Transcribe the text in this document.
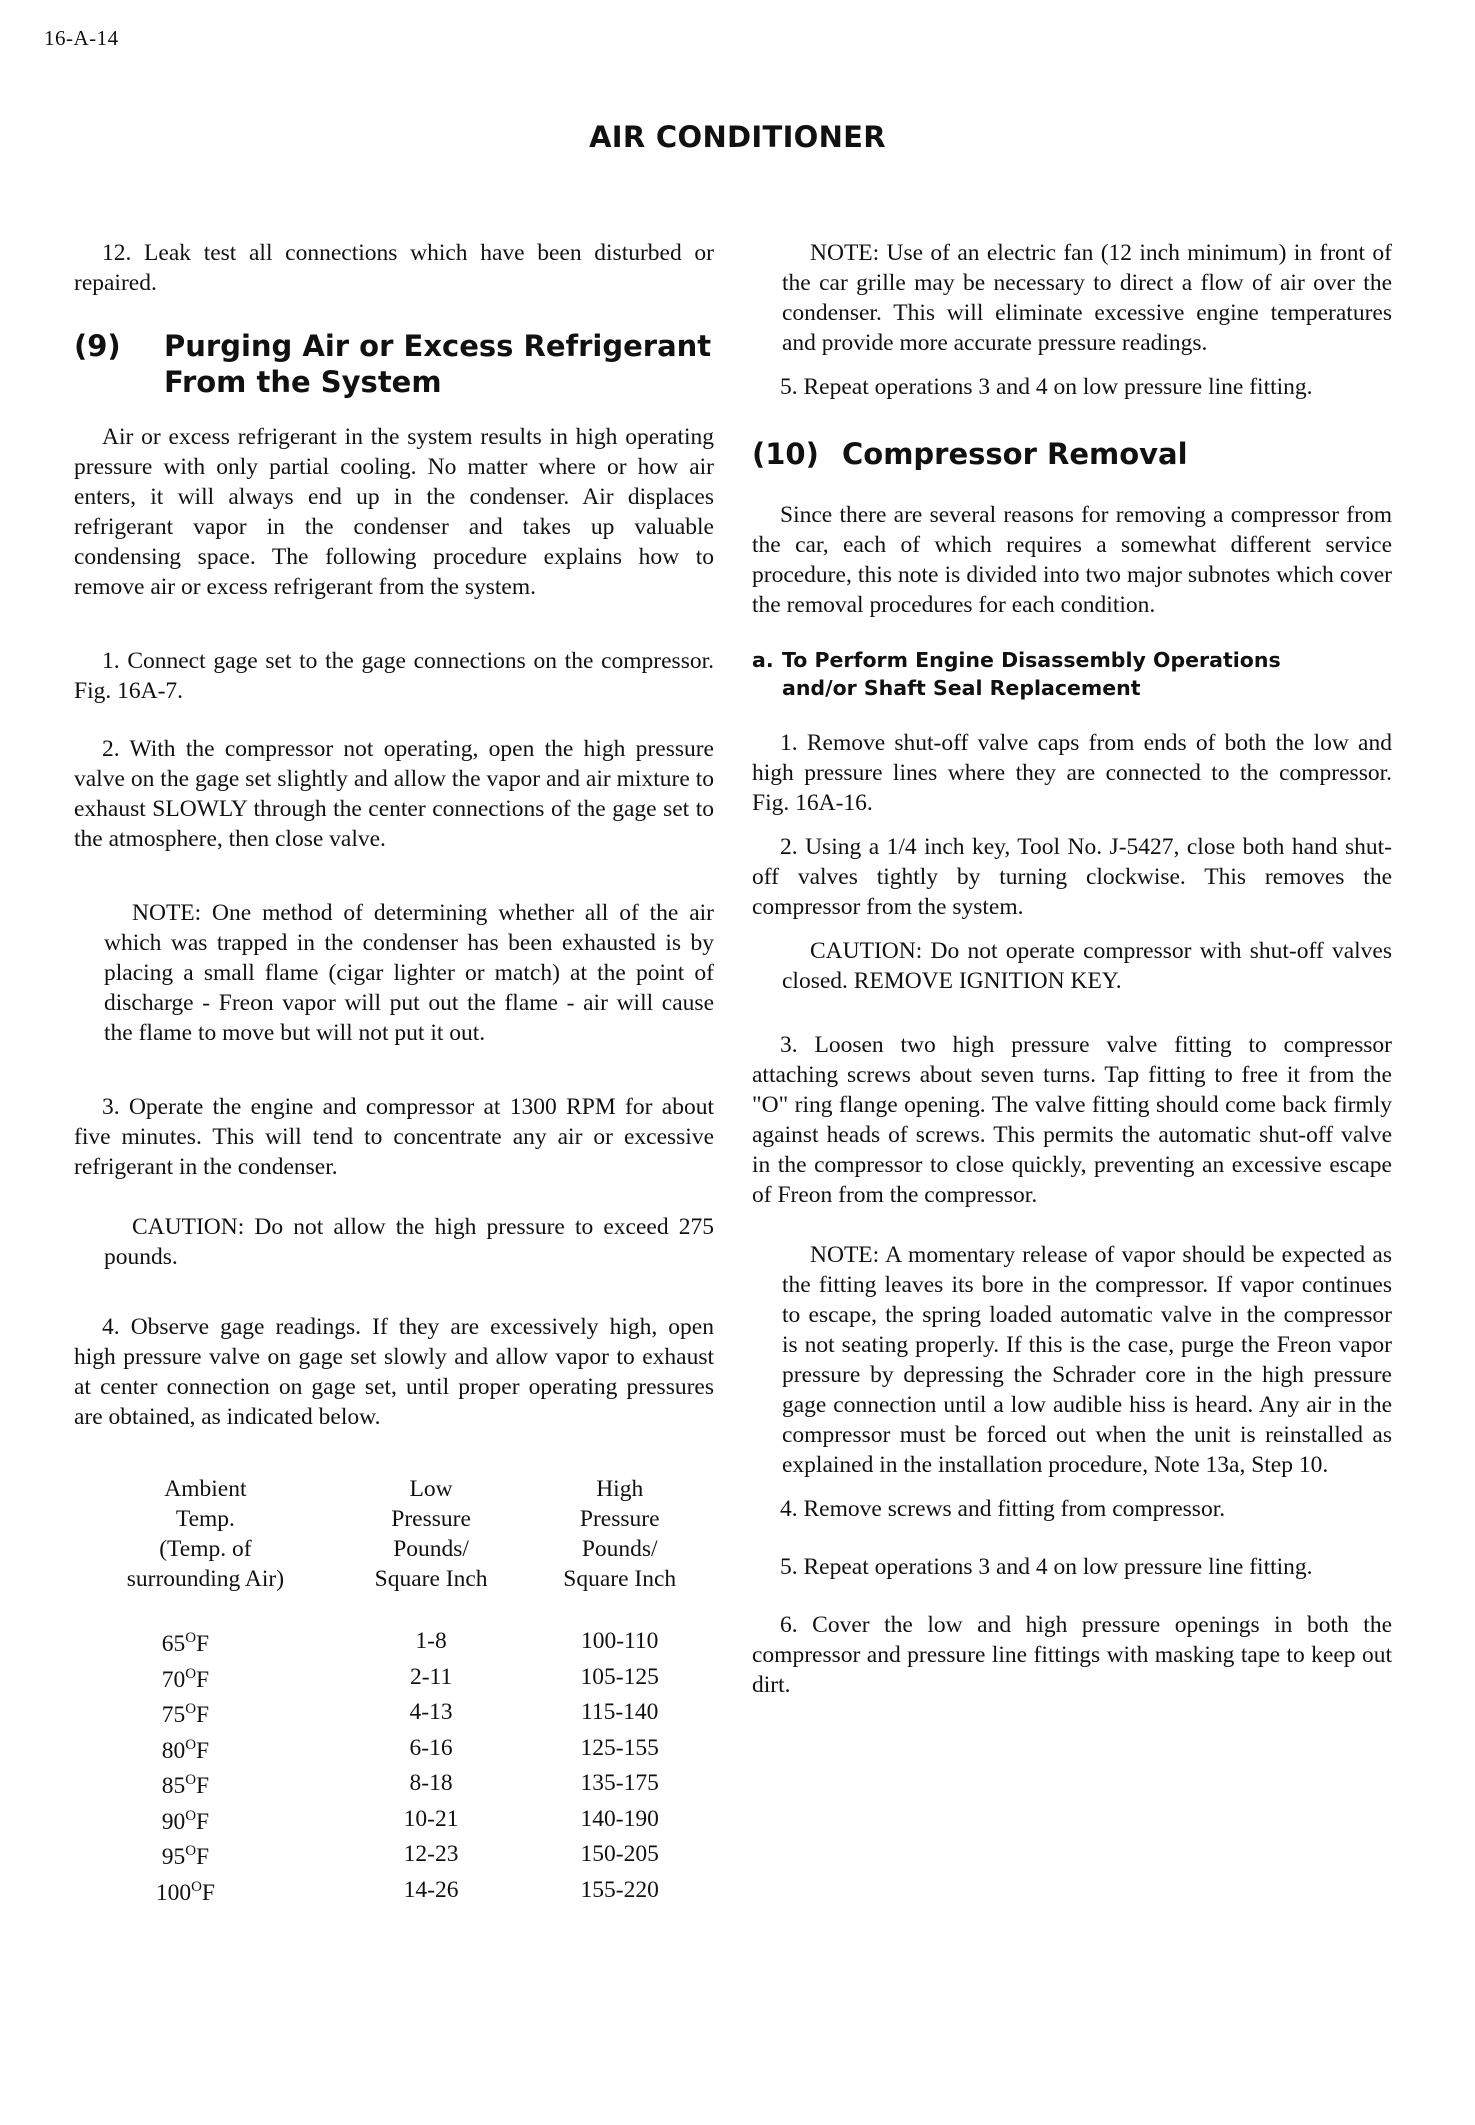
16-A-14
AIR CONDITIONER

12. Leak test all connections which have been disturbed or repaired.

(9)	Purging Air or Excess Refrigerant
From the System

Air or excess refrigerant in the system results in high operating pressure with only partial cooling. No matter where or how air enters, it will always end up in the condenser. Air displaces refrigerant vapor in the condenser and takes up valuable condensing space. The following procedure explains how to remove air or excess refrigerant from the system.

1. Connect gage set to the gage connections on the compressor. Fig. 16A-7.

2. With the compressor not operating, open the high pressure valve on the gage set slightly and allow the vapor and air mixture to exhaust SLOWLY through the center connections of the gage set to the atmosphere, then close valve.

NOTE: One method of determining whether all of the air which was trapped in the condenser has been exhausted is by placing a small flame (cigar lighter or match) at the point of discharge - Freon vapor will put out the flame - air will cause the flame to move but will not put it out.

3. Operate the engine and compressor at 1300 RPM for about five minutes. This will tend to concentrate any air or excessive refrigerant in the condenser.

CAUTION: Do not allow the high pressure to exceed 275 pounds.

4. Observe gage readings. If they are excessively high, open high pressure valve on gage set slowly and allow vapor to exhaust at center connection on gage set, until proper operating pressures are obtained, as indicated below.

Ambient
Temp.
(Temp. of
surrounding Air)

Low
Pressure
Pounds/
Square Inch

High
Pressure
Pounds/
Square Inch

$65^OF$	1-8	100-110
$70^OF$	2-11	105-125
$75^OF$	4-13	115-140
$80^OF$	6-16	125-155
$85^OF$	8-18	135-175
$90^OF$	10-21	140-190
$95^OF$	12-23	150-205
$100^OF$	14-26	155-220

NOTE: Use of an electric fan (12 inch minimum) in front of the car grille may be necessary to direct a flow of air over the condenser. This will eliminate excessive engine temperatures and provide more accurate pressure readings.

5. Repeat operations 3 and 4 on low pressure line fitting.

(10) Compressor Removal

Since there are several reasons for removing a compressor from the car, each of which requires a somewhat different service procedure, this note is divided into two major subnotes which cover the removal procedures for each condition.

a. To Perform Engine Disassembly Operations
and/or Shaft Seal Replacement

1. Remove shut-off valve caps from ends of both the low and high pressure lines where they are connected to the compressor. Fig. 16A-16.

2. Using a 1/4 inch key, Tool No. J-5427, close both hand shut-off valves tightly by turning clockwise. This removes the compressor from the system.

CAUTION: Do not operate compressor with shut-off valves closed. REMOVE IGNITION KEY.

3. Loosen two high pressure valve fitting to compressor attaching screws about seven turns. Tap fitting to free it from the "O" ring flange opening. The valve fitting should come back firmly against heads of screws. This permits the automatic shut-off valve in the compressor to close quickly, preventing an excessive escape of Freon from the compressor.

NOTE: A momentary release of vapor should be expected as the fitting leaves its bore in the compressor. If vapor continues to escape, the spring loaded automatic valve in the compressor is not seating properly. If this is the case, purge the Freon vapor pressure by depressing the Schrader core in the high pressure gage connection until a low audible hiss is heard. Any air in the compressor must be forced out when the unit is reinstalled as explained in the installation procedure, Note 13a, Step 10.

4. Remove screws and fitting from compressor.

5. Repeat operations 3 and 4 on low pressure line fitting.

6. Cover the low and high pressure openings in both the compressor and pressure line fittings with masking tape to keep out dirt.
